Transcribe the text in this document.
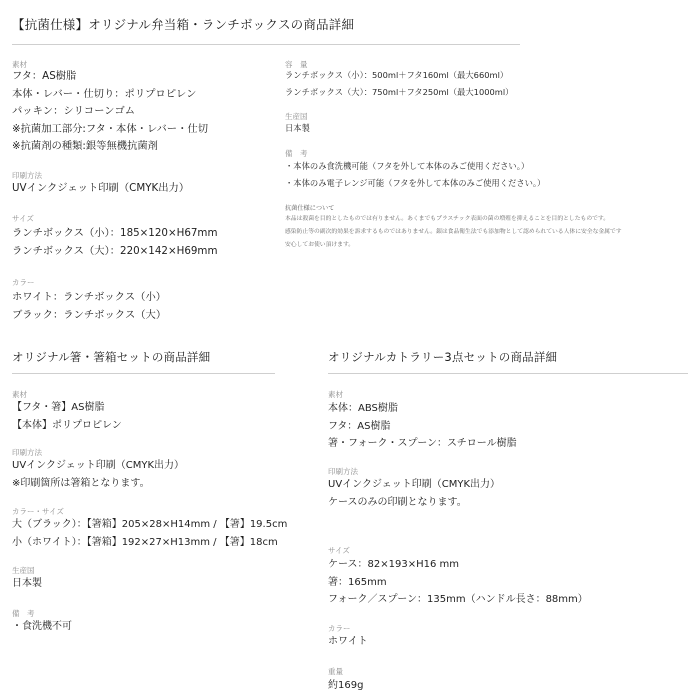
【抗菌仕様】オリジナル弁当箱・ランチボックスの商品詳細
素材
フタ：AS樹脂
本体・レバー・仕切り：ポリプロピレン
パッキン：シリコーンゴム
※抗菌加工部分:フタ・本体・レバー・仕切
※抗菌剤の種類:銀等無機抗菌剤
印刷方法
UVインクジェット印刷（CMYK出力）
サイズ
ランチボックス（小）：185×120×H67mm
ランチボックス（大）：220×142×H69mm
カラー
ホワイト：ランチボックス（小）
ブラック：ランチボックス（大）
容　量
ランチボックス（小）：500ml＋フタ160ml（最大660ml）
ランチボックス（大）：750ml＋フタ250ml（最大1000ml）
生産国
日本製
備　考
・本体のみ食洗機可能（フタを外して本体のみご使用ください。）
・本体のみ電子レンジ可能（フタを外して本体のみご使用ください。）
抗菌仕様について
本品は殺菌を目的としたものでは有りません。あくまでもプラスチック表面の菌の増殖を抑えることを目的としたものです。
感染防止等の副次的効果を訴求するものではありません。銀は食品衛生法でも添加物として認められている人体に安全な金属です
安心してお使い頂けます。
オリジナル箸・箸箱セットの商品詳細
素材
【フタ・箸】AS樹脂
【本体】ポリプロピレン
印刷方法
UVインクジェット印刷（CMYK出力）
※印刷箇所は箸箱となります。
カラー・サイズ
大（ブラック）：【箸箱】205×28×H14mm / 【箸】19.5cm
小（ホワイト）：【箸箱】192×27×H13mm / 【箸】18cm
生産国
日本製
備　考
・食洗機不可
オリジナルカトラリー3点セットの商品詳細
素材
本体：ABS樹脂
フタ：AS樹脂
箸・フォーク・スプーン：スチロール樹脂
印刷方法
UVインクジェット印刷（CMYK出力）
ケースのみの印刷となります。
サイズ
ケース：82×193×H16 mm
箸：165mm
フォーク／スプーン：135mm（ハンドル長さ：88mm）
カラー
ホワイト
重量
約169g
